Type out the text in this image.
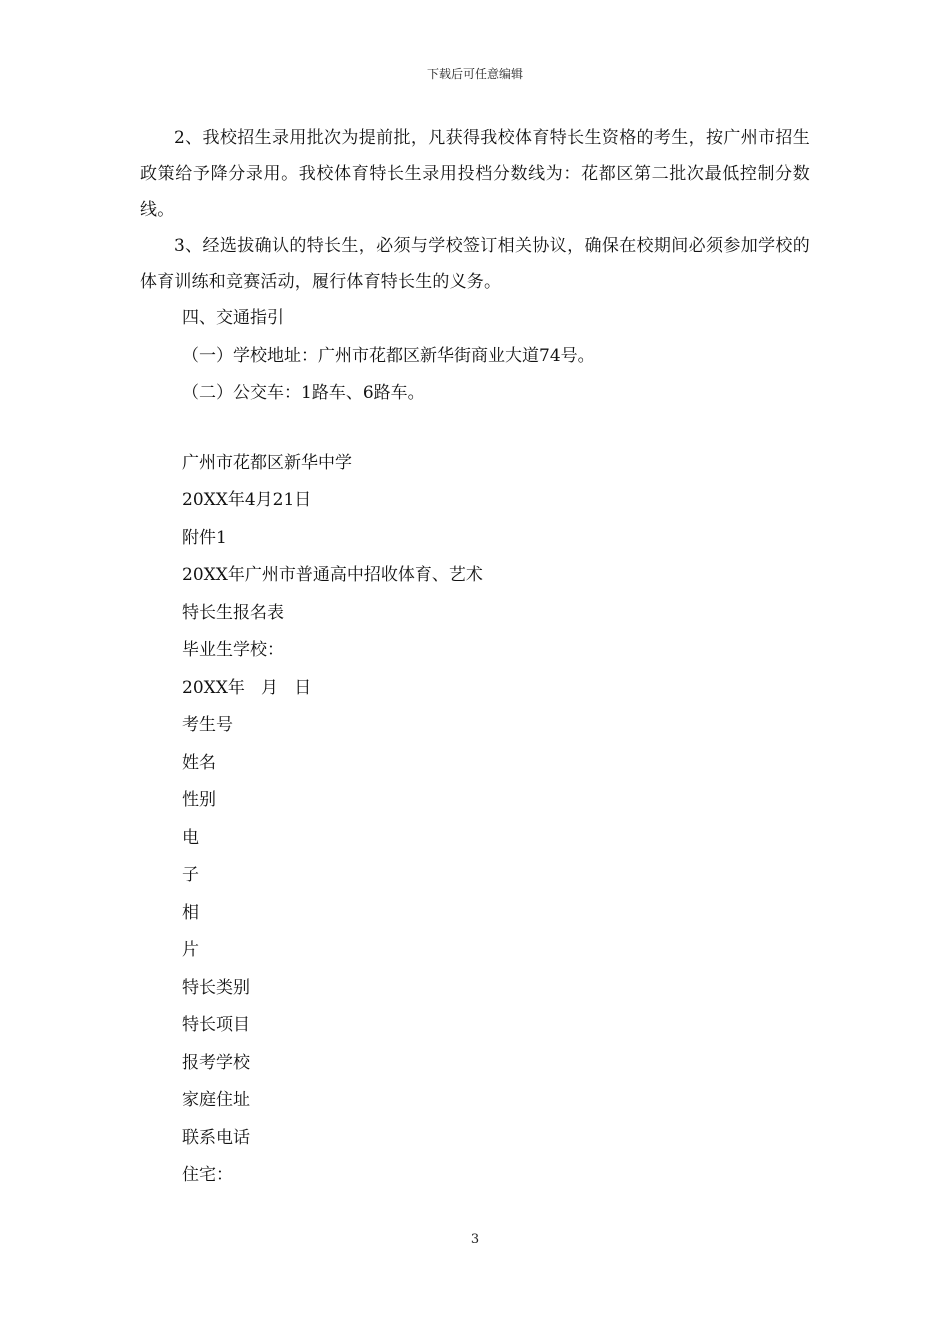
下载后可任意编辑

2、我校招生录用批次为提前批，凡获得我校体育特长生资格的考生，按广州市招生政策给予降分录用。我校体育特长生录用投档分数线为：花都区第二批次最低控制分数线。

3、经选拔确认的特长生，必须与学校签订相关协议，确保在校期间必须参加学校的体育训练和竞赛活动，履行体育特长生的义务。

四、交通指引

（一）学校地址：广州市花都区新华街商业大道74号。

（二）公交车：1路车、6路车。

广州市花都区新华中学

20XX年4月21日

附件1

20XX年广州市普通高中招收体育、艺术

特长生报名表

毕业生学校：

20XX年   月   日

考生号

姓名

性别

电

子

相

片

特长类别

特长项目

报考学校

家庭住址

联系电话

住宅：

3
